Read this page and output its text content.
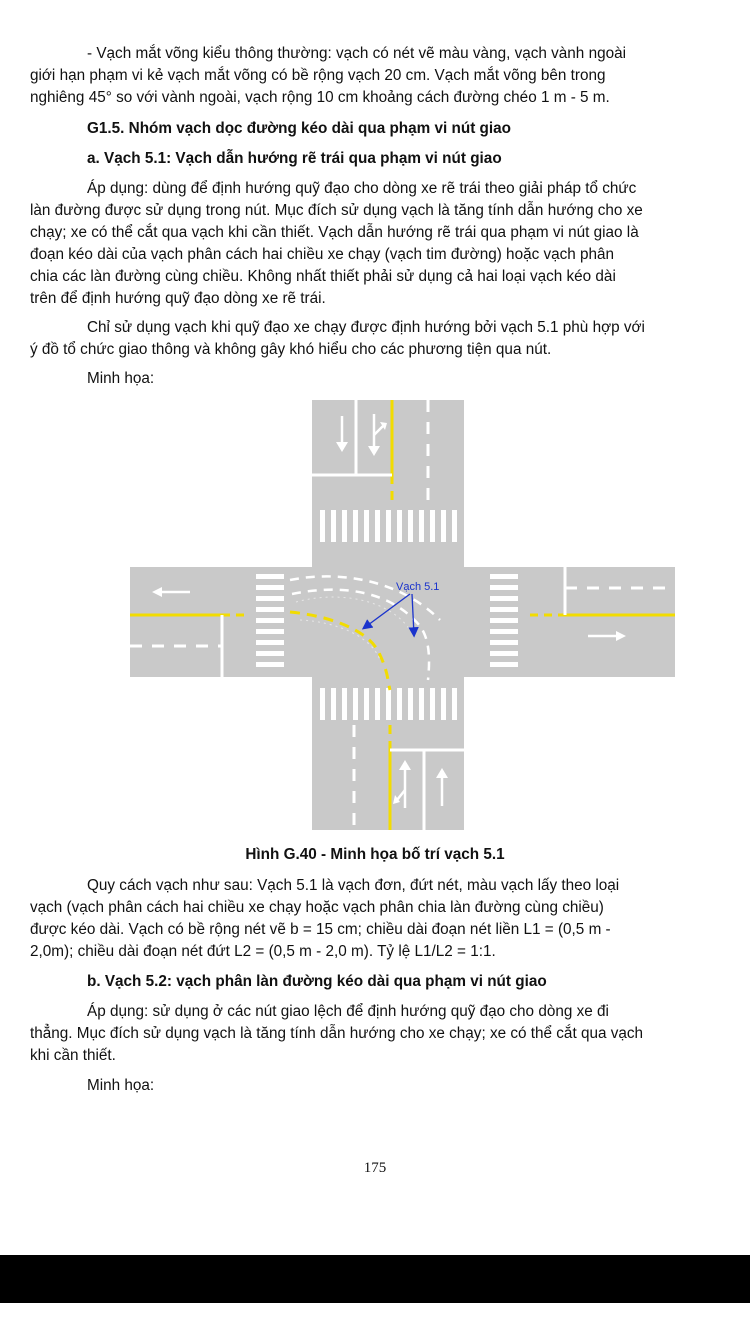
- Vạch mắt võng kiểu thông thường: vạch có nét vẽ màu vàng, vạch vành ngoài
giới hạn phạm vi kẻ vạch mắt võng có bề rộng vạch 20 cm. Vạch mắt võng bên trong
nghiêng 45° so với vành ngoài, vạch rộng 10 cm khoảng cách đường chéo 1 m - 5 m.
G1.5. Nhóm vạch dọc đường kéo dài qua phạm vi nút giao
a. Vạch 5.1: Vạch dẫn hướng rẽ trái qua phạm vi nút giao
Áp dụng: dùng để định hướng quỹ đạo cho dòng xe rẽ trái theo giải pháp tổ chức
làn đường được sử dụng trong nút. Mục đích sử dụng vạch là tăng tính dẫn hướng cho xe
chạy; xe có thể cắt qua vạch khi cần thiết. Vạch dẫn hướng rẽ trái qua phạm vi nút giao là
đoạn kéo dài của vạch phân cách hai chiều xe chạy (vạch tim đường) hoặc vạch phân
chia các làn đường cùng chiều. Không nhất thiết phải sử dụng cả hai loại vạch kéo dài
trên để định hướng quỹ đạo dòng xe rẽ trái.
Chỉ sử dụng vạch khi quỹ đạo xe chạy được định hướng bởi vạch 5.1 phù hợp với
ý đồ tổ chức giao thông và không gây khó hiểu cho các phương tiện qua nút.
Minh họa:
Vạch 5.1
Hình G.40 - Minh họa bố trí vạch 5.1
Quy cách vạch như sau: Vạch 5.1 là vạch đơn, đứt nét, màu vạch lấy theo loại
vạch (vạch phân cách hai chiều xe chạy hoặc vạch phân chia làn đường cùng chiều)
được kéo dài. Vạch có bề rộng nét vẽ b = 15 cm; chiều dài đoạn nét liền L1 = (0,5 m -
2,0m); chiều dài đoạn nét đứt L2 = (0,5 m - 2,0 m). Tỷ lệ L1/L2 = 1:1.
b. Vạch 5.2: vạch phân làn đường kéo dài qua phạm vi nút giao
Áp dụng: sử dụng ở các nút giao lệch để định hướng quỹ đạo cho dòng xe đi
thẳng. Mục đích sử dụng vạch là tăng tính dẫn hướng cho xe chạy; xe có thể cắt qua vạch
khi cần thiết.
Minh họa:
175
